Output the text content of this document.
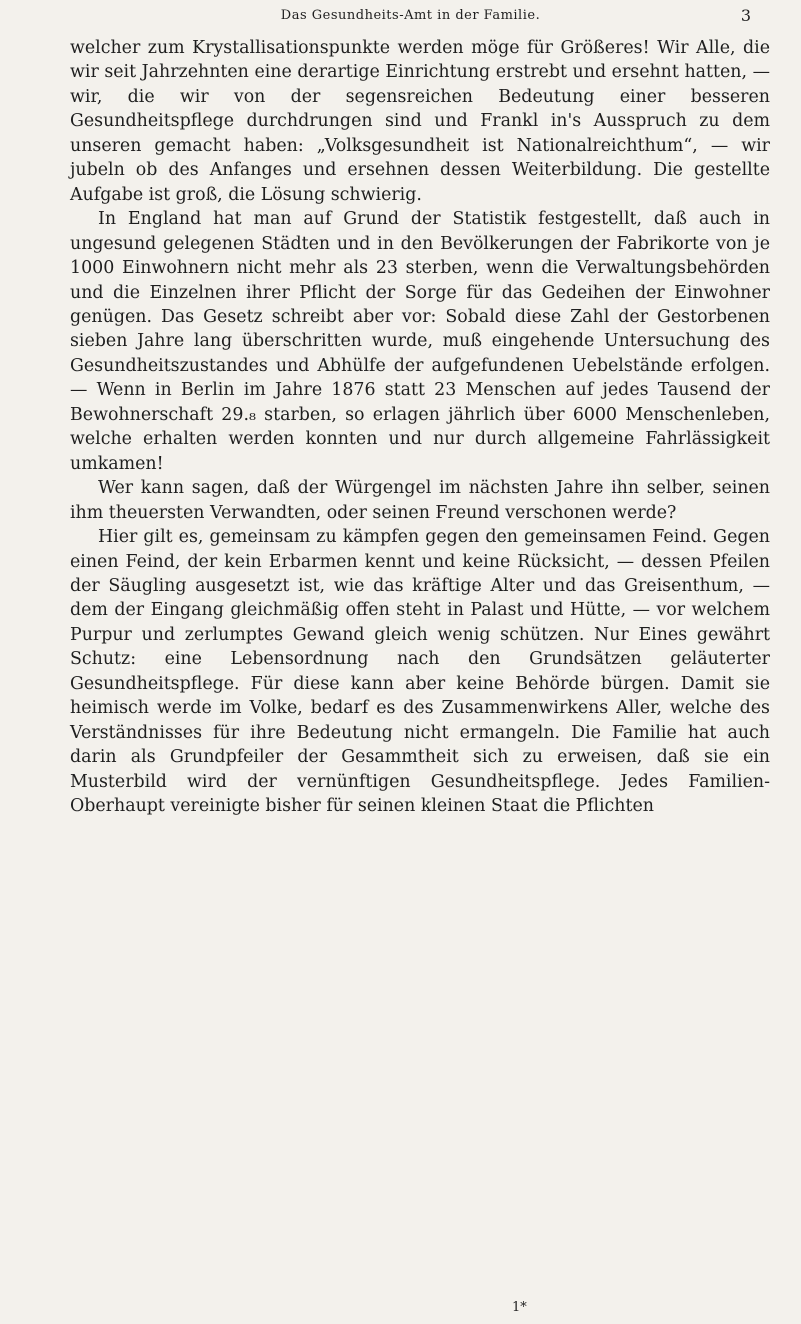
Das Gesundheits-Amt in der Familie.	3

welcher zum Krystallisationspunkte werden möge für Größeres! Wir Alle, die wir seit Jahrzehnten eine derartige Einrichtung erstrebt und ersehnt hatten, — wir, die wir von der segensreichen Bedeutung einer besseren Gesundheitspflege durchdrungen sind und Frankl in's Ausspruch zu dem unseren gemacht haben: „Volksgesundheit ist Nationalreichthum“, — wir jubeln ob des Anfanges und ersehnen dessen Weiterbildung. Die gestellte Aufgabe ist groß, die Lösung schwierig.

In England hat man auf Grund der Statistik festgestellt, daß auch in ungesund gelegenen Städten und in den Bevölkerungen der Fabrikorte von je 1000 Einwohnern nicht mehr als 23 sterben, wenn die Verwaltungsbehörden und die Einzelnen ihrer Pflicht der Sorge für das Gedeihen der Einwohner genügen. Das Gesetz schreibt aber vor: Sobald diese Zahl der Gestorbenen sieben Jahre lang überschritten wurde, muß eingehende Untersuchung des Gesundheitszustandes und Abhülfe der aufgefundenen Uebelstände erfolgen. — Wenn in Berlin im Jahre 1876 statt 23 Menschen auf jedes Tausend der Bewohnerschaft 29.₈ starben, so erlagen jährlich über 6000 Menschenleben, welche erhalten werden konnten und nur durch allgemeine Fahrlässigkeit umkamen!

Wer kann sagen, daß der Würgengel im nächsten Jahre ihn selber, seinen ihm theuersten Verwandten, oder seinen Freund verschonen werde?

Hier gilt es, gemeinsam zu kämpfen gegen den gemeinsamen Feind. Gegen einen Feind, der kein Erbarmen kennt und keine Rücksicht, — dessen Pfeilen der Säugling ausgesetzt ist, wie das kräftige Alter und das Greisenthum, — dem der Eingang gleichmäßig offen steht in Palast und Hütte, — vor welchem Purpur und zerlumptes Gewand gleich wenig schützen. Nur Eines gewährt Schutz: eine Lebensordnung nach den Grundsätzen geläuterter Gesundheitspflege. Für diese kann aber keine Behörde bürgen. Damit sie heimisch werde im Volke, bedarf es des Zusammenwirkens Aller, welche des Verständnisses für ihre Bedeutung nicht ermangeln. Die Familie hat auch darin als Grundpfeiler der Gesammtheit sich zu erweisen, daß sie ein Musterbild wird der vernünftigen Gesundheitspflege. Jedes Familien-Oberhaupt vereinigte bisher für seinen kleinen Staat die Pflichten

1*
